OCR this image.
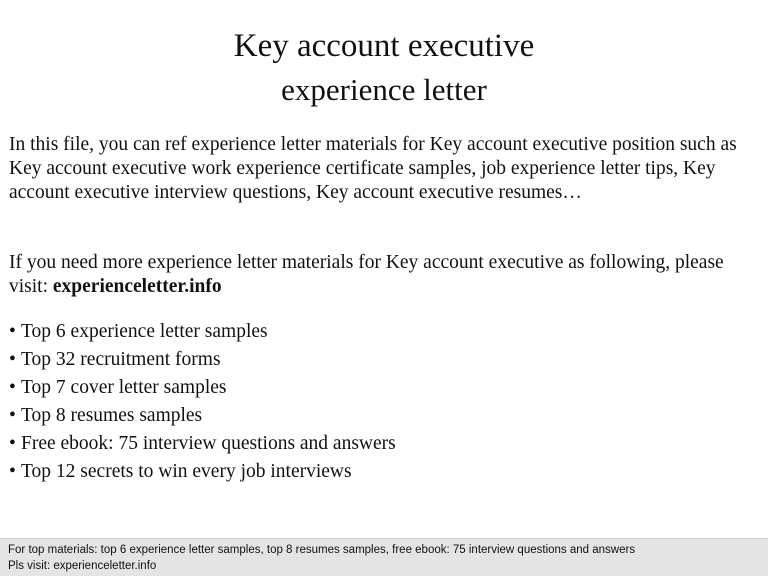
Key account executive
experience letter

In this file, you can ref experience letter materials for Key account executive position such as Key account executive work experience certificate samples, job experience letter tips, Key account executive interview questions, Key account executive resumes…

If you need more experience letter materials for Key account executive as following, please visit: experienceletter.info

• Top 6 experience letter samples
• Top 32 recruitment forms
• Top 7 cover letter samples
• Top 8 resumes samples
• Free ebook: 75 interview questions and answers
• Top 12 secrets to win every job interviews
For top materials: top 6 experience letter samples, top 8 resumes samples, free ebook: 75 interview questions and answers
Pls visit: experienceletter.info
